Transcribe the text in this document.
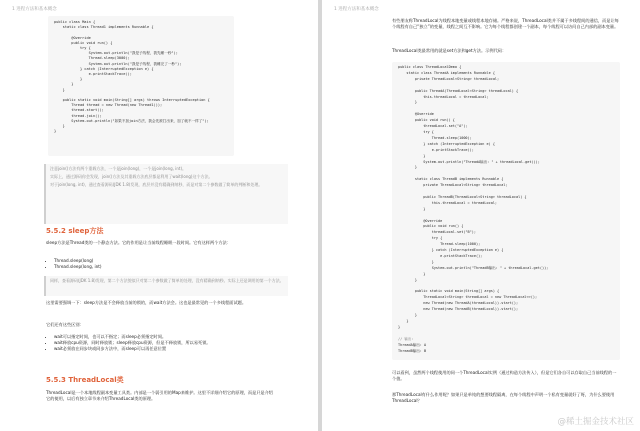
1 进程方法和基本概念
public class Main {
static class Thread1 implements Runnable {

@Override
public void run() {
try {
System.out.println("我是子线程，我先睡一秒");
Thread.sleep(3000);
System.out.println("我是子线程，我睡完了一秒");
} catch (InterruptedException e) {
e.printStackTrace();
}
}
}

public static void main(String[] args) throws InterruptedException {
Thread thread = new Thread(new Thread1());
thread.start();
thread.join();
System.out.println("如果不加join方法，我会先被打出来，加了就不一样了");
}
}

注意join()方法有两个重载方法，一个是join(long)，一个是join(long, int)。

实际上，通过源码你会发现，join()方法及其重载方法底层都是利用了wait(long)这个方法。

对于join(long, int)，通过查看源码(JDK 1.8)发现，底层并没有精确到纳秒，而是对第二个参数做了简单的判断和处理。

5.5.2 sleep方法
sleep方法是Thread类的一个静态方法。它的作用是让当前线程睡眠一段时间。它有这样两个方法：
• Thread.sleep(long)
• Thread.sleep(long, int)

同样，查看源码(JDK 1.8)发现，第二个方法貌似只对第二个参数做了简单的处理，没有精确到纳秒。实际上还是调用的第一个方法。

这里需要强调一下：sleep方法是不会释放当前的锁的，而wait方法会。这也是最常见的一个多线程面试题。
它们还有这些区别：
• wait可以指定时间，也可以不指定；而sleep必须指定时间。
• wait释放cpu资源，同时释放锁；sleep释放cpu资源，但是不释放锁，所以易死锁。
• wait必须放在同步块或同步方法中，而sleep可以再任意位置
5.5.3 ThreadLocal类
ThreadLocal是一个本地线程副本变量工具类。内部是一个弱引用的Map来维护。这里不详细介绍它的原理，而是只是介绍它的使用，以后有独立章节来介绍ThreadLocal类的原理。
1 进程方法和基本概念
有些朋友称ThreadLocal为线程本地变量或线程本地存储。严格来说，ThreadLocal类并不属于多线程间的通信，而是让每个线程有自己“独立”的变量，线程之间互不影响。它为每个线程都创建一个副本，每个线程可以访问自己内部的副本变量。
ThreadLocal类最常用的就是set方法和get方法。示例代码：
public class ThreadLocalDemo {
static class ThreadA implements Runnable {
private ThreadLocal<String> threadLocal;

public ThreadA(ThreadLocal<String> threadLocal) {
this.threadLocal = threadLocal;
}

@Override
public void run() {
threadLocal.set("A");
try {
Thread.sleep(1000);
} catch (InterruptedException e) {
e.printStackTrace();
}
System.out.println("ThreadA输出: " + threadLocal.get());
}

static class ThreadB implements Runnable {
private ThreadLocal<String> threadLocal;

public ThreadB(ThreadLocal<String> threadLocal) {
this.threadLocal = threadLocal;
}

@Override
public void run() {
threadLocal.set("B");
try {
Thread.sleep(1000);
} catch (InterruptedException e) {
e.printStackTrace();
}
System.out.println("ThreadB输出: " + threadLocal.get());
}
}

public static void main(String[] args) {
ThreadLocal<String> threadLocal = new ThreadLocal<>();
new Thread(new ThreadA(threadLocal)).start();
new Thread(new ThreadB(threadLocal)).start();
}
}
}

// 输出:
ThreadA输出: A
ThreadB输出: B
可以看到，虽然两个线程使用的同一个ThreadLocal实例（通过构造方法传入），但是它们各自可以存取自己当前线程的一个值。
那ThreadLocal有什么作用呢？如果只是单纯的想要线程隔离，在每个线程中声明一个私有变量就好了呀，为什么要使用ThreadLocal？
@稀土掘金技术社区
